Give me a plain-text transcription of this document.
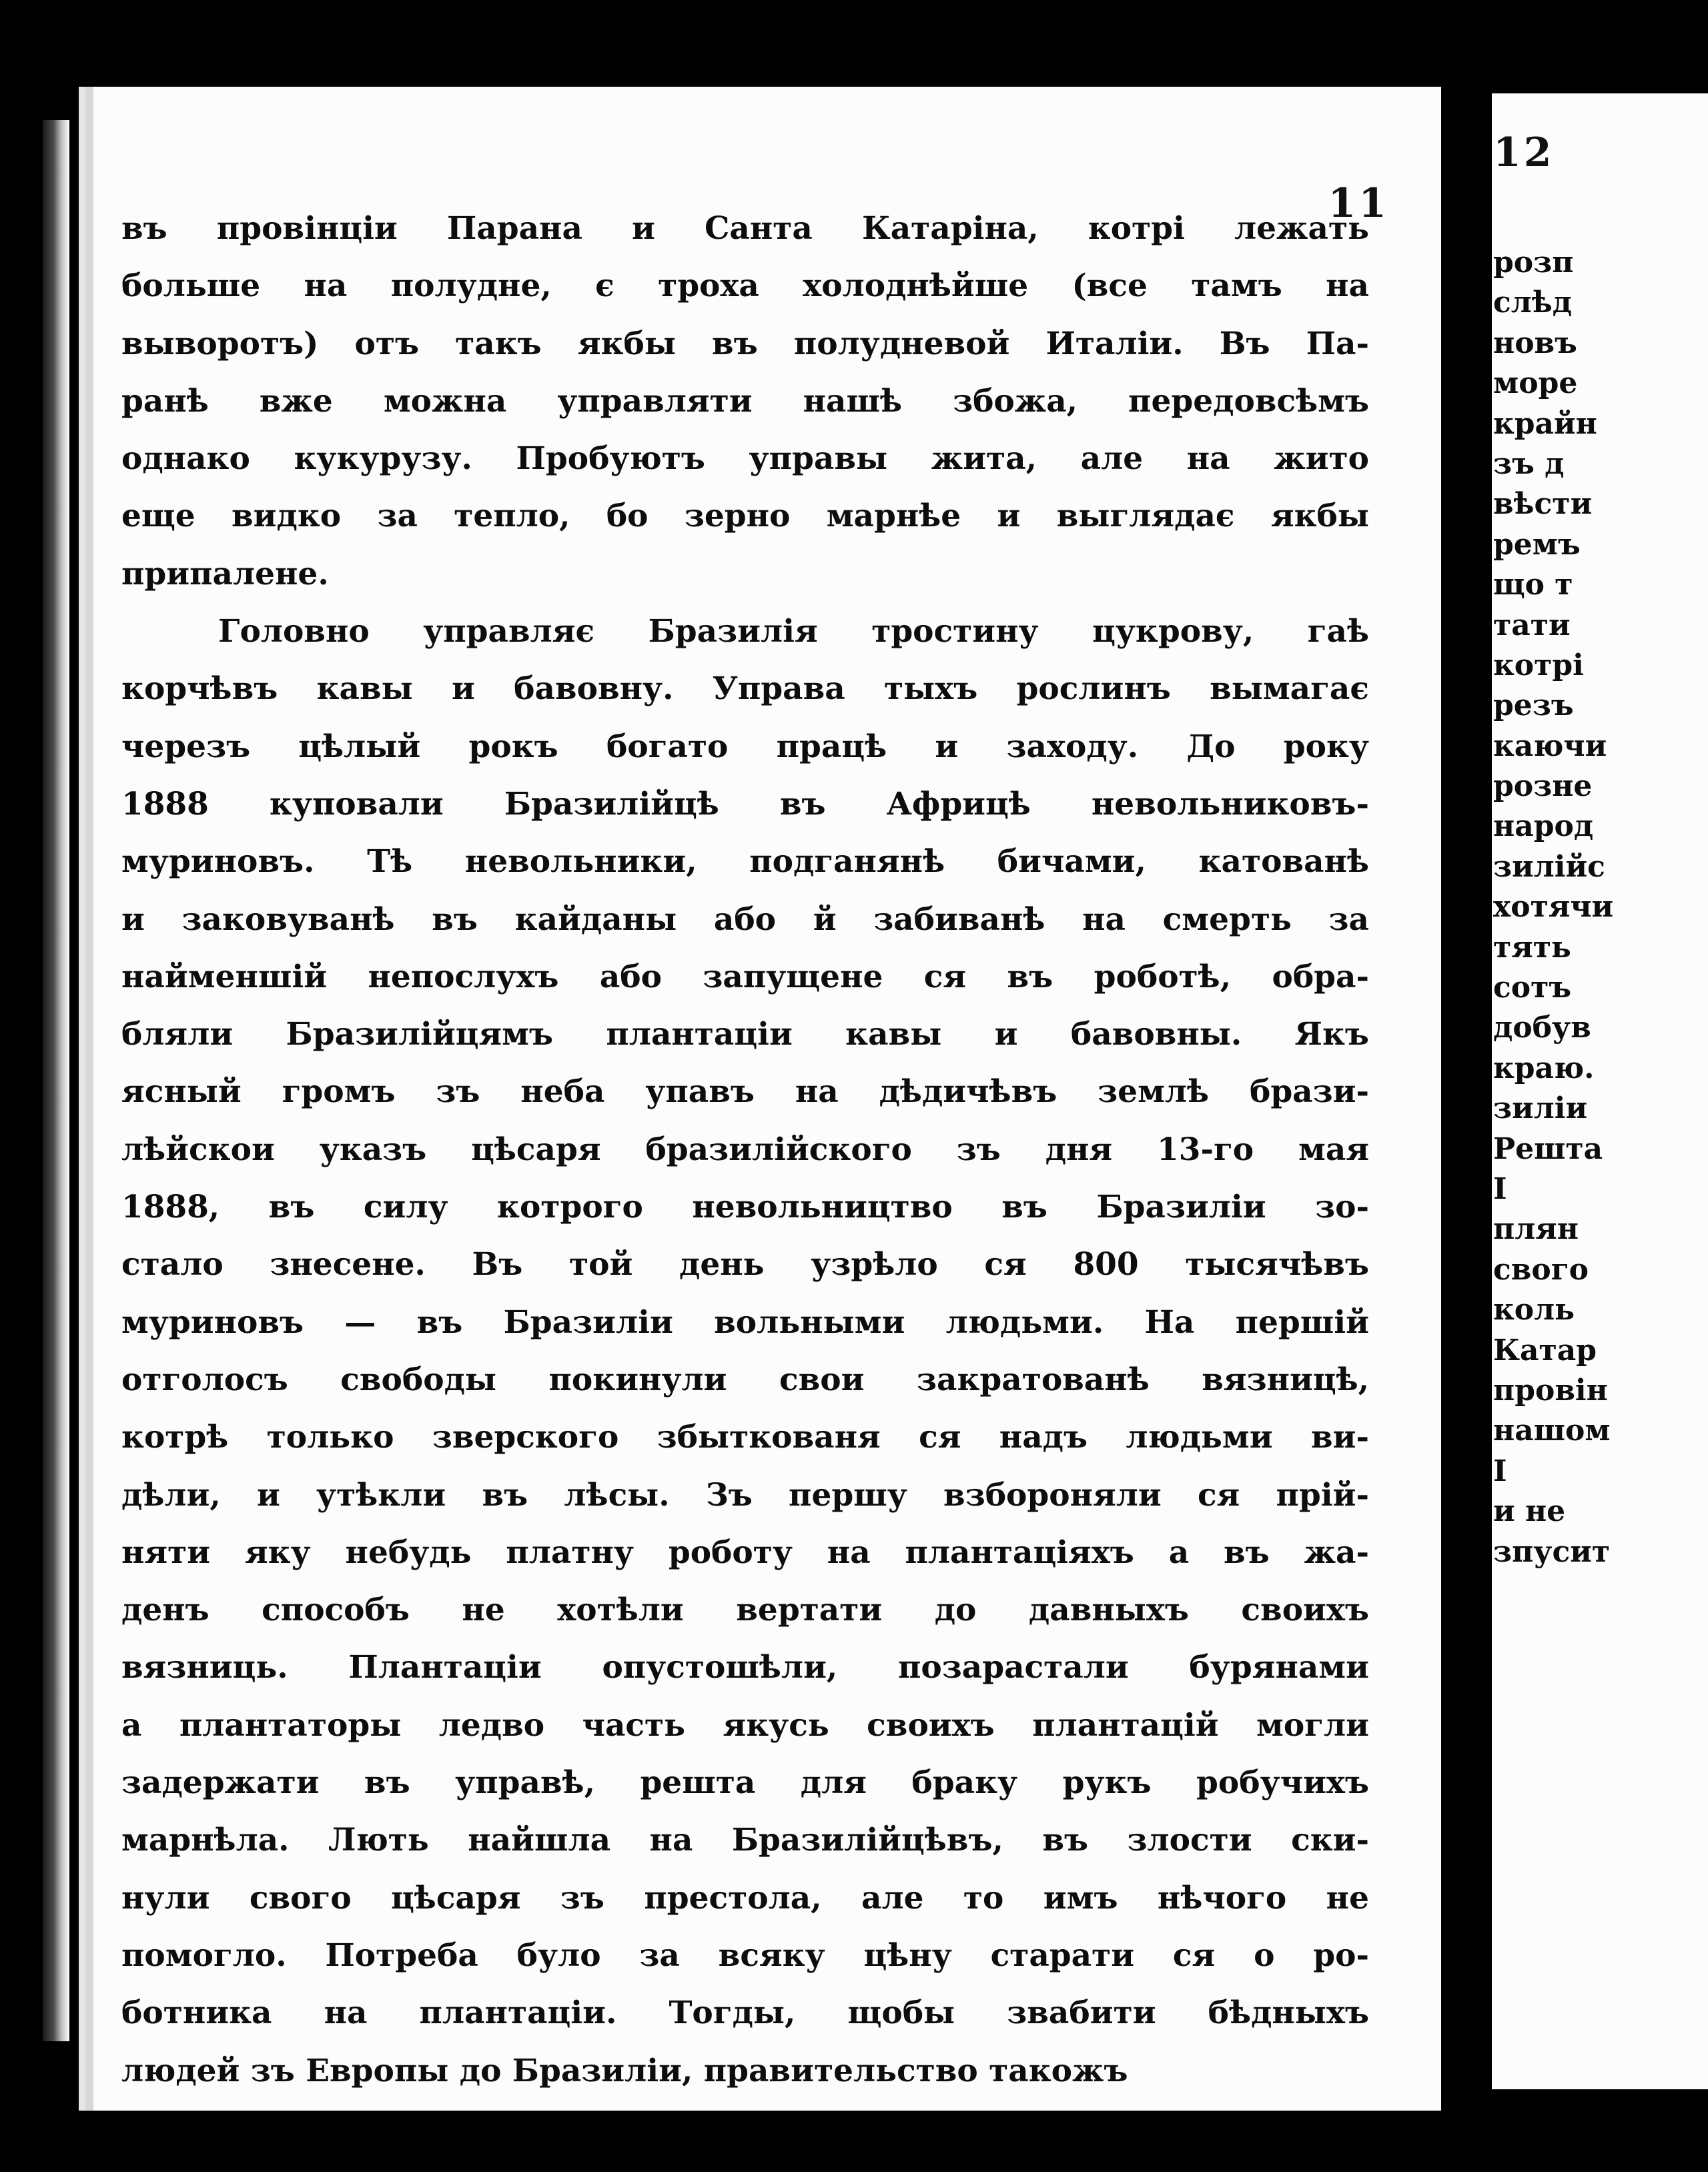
11
въ провінціи Парана и Санта Катаріна, котрі лежать
больше на полудне, є троха холоднѣйше (все тамъ на
выворотъ) отъ такъ якбы въ полудневой Италіи. Въ Па-
ранѣ вже можна управляти нашѣ збожа, передовсѣмъ
однако кукурузу. Пробуютъ управы жита, але на жито
еще видко за тепло, бо зерно марнѣе и выглядає якбы
припалене.
Головно управляє Бразилія тростину цукрову, гаѣ
корчѣвъ кавы и бавовну. Управа тыхъ рослинъ вымагає
черезъ цѣлый рокъ богато працѣ и заходу. До року
1888 куповали Бразилійцѣ въ Африцѣ невольниковъ-
муриновъ. Тѣ невольники, подганянѣ бичами, катованѣ
и заковуванѣ въ кайданы або й забиванѣ на смерть за
найменшій непослухъ або запущене ся въ роботѣ, обра-
бляли Бразилійцямъ плантаціи кавы и бавовны. Якъ
ясный громъ зъ неба упавъ на дѣдичѣвъ землѣ брази-
лѣйскои указъ цѣсаря бразилійского зъ дня 13-го мая
1888, въ силу котрого невольництво въ Бразиліи зо-
стало знесене. Въ той день узрѣло ся 800 тысячѣвъ
муриновъ — въ Бразиліи вольными людьми. На першій
отголосъ свободы покинули свои закратованѣ вязницѣ,
котрѣ только зверского збыткованя ся надъ людьми ви-
дѣли, и утѣкли въ лѣсы. Зъ першу взбороняли ся прій-
няти яку небудь платну роботу на плантаціяхъ а въ жа-
денъ способъ не хотѣли вертати до давныхъ своихъ
вязниць. Плантаціи опустошѣли, позарастали бурянами
а плантаторы ледво часть якусь своихъ плантацій могли
задержати въ управѣ, решта для браку рукъ робучихъ
марнѣла. Лють найшла на Бразилійцѣвъ, въ злости ски-
нули свого цѣсаря зъ престола, але то имъ нѣчого не
помогло. Потреба було за всяку цѣну старати ся о ро-
ботника на плантаціи. Тогды, щобы звабити бѣдныхъ
людей зъ Европы до Бразиліи, правительство такожъ
12
розп
слѣд
новъ
море
крайн
зъ д
вѣсти
ремъ
що т
тати
котрі
резъ
каючи
розне
народ
зилійс
хотячи
тять
сотъ
добув
краю.
зиліи
Решта
І
плян
свого
коль
Катар
провін
нашом
І
и не
зпусит
